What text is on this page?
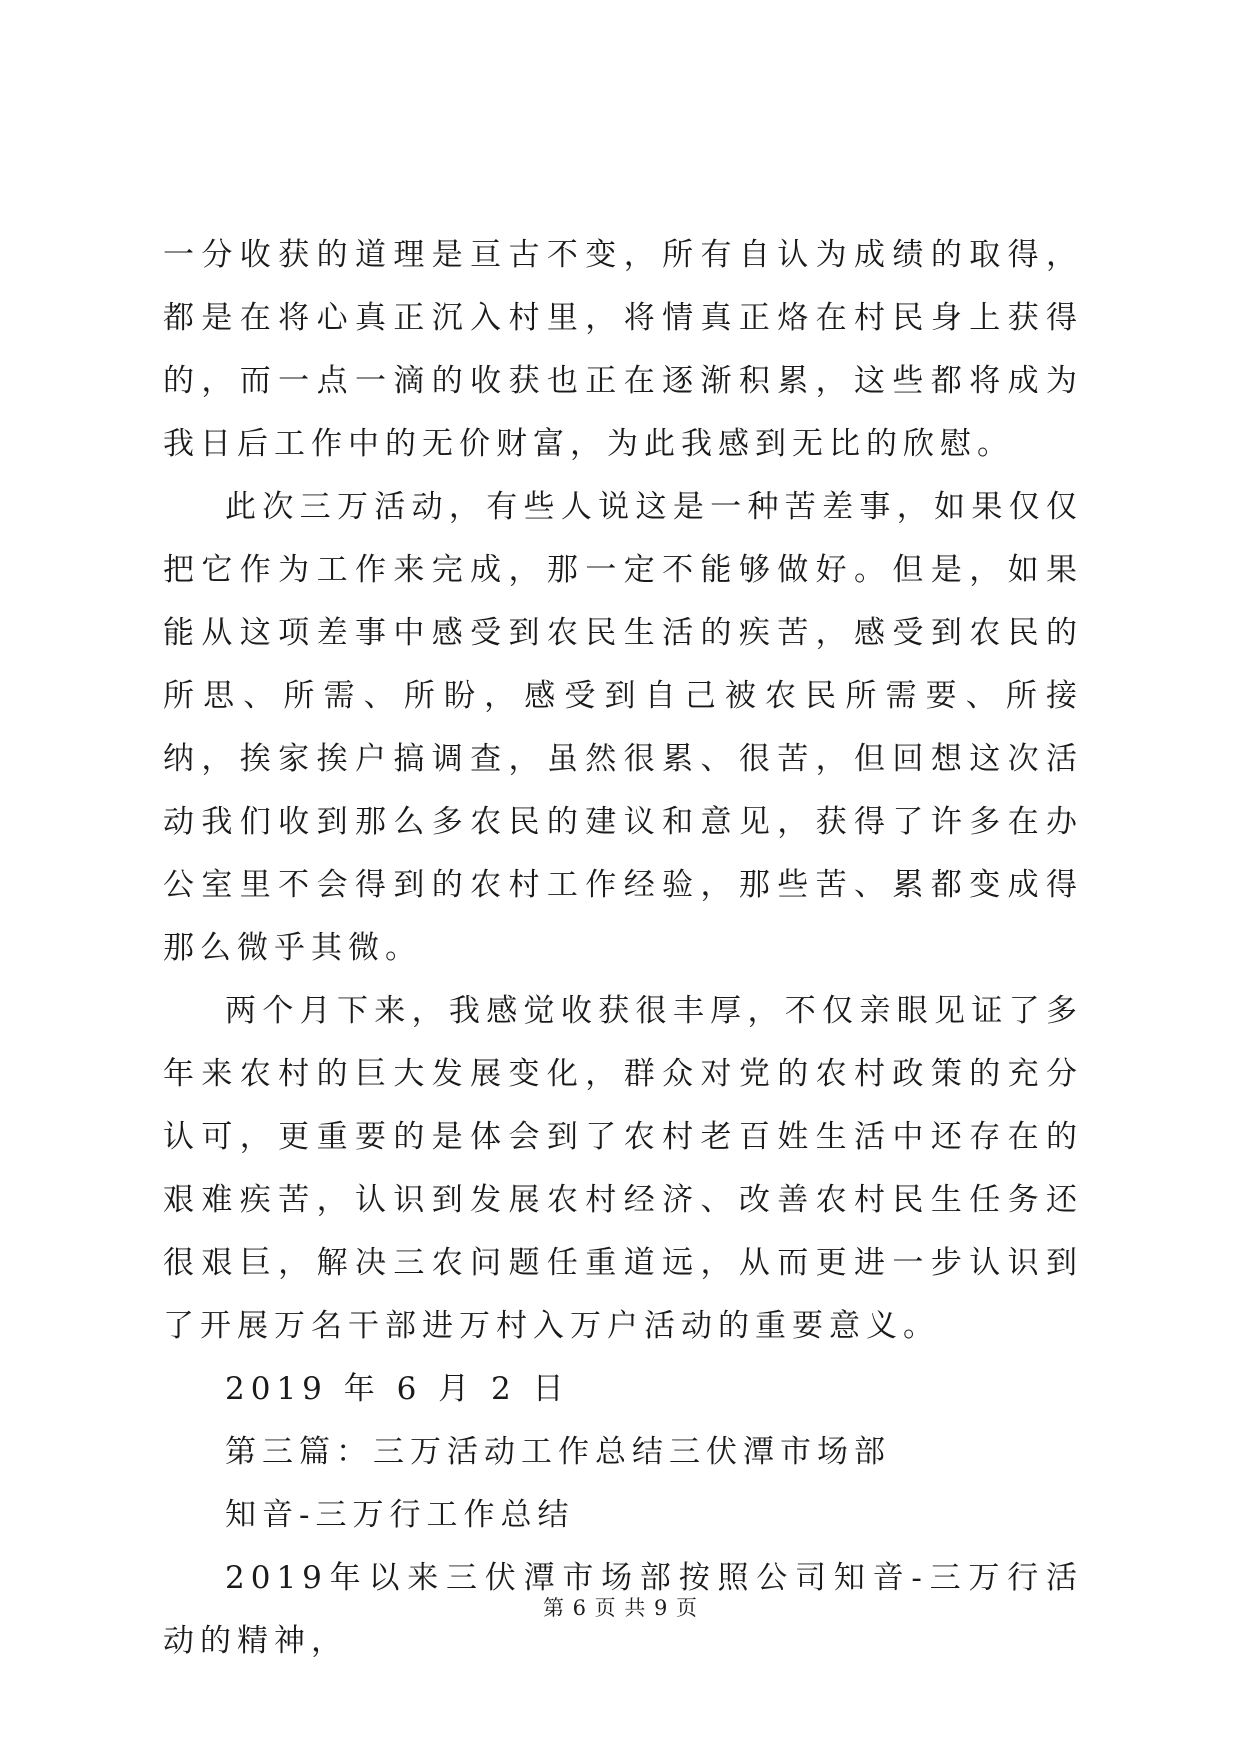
一分收获的道理是亘古不变，所有自认为成绩的取得，都是在将心真正沉入村里，将情真正烙在村民身上获得的，而一点一滴的收获也正在逐渐积累，这些都将成为我日后工作中的无价财富，为此我感到无比的欣慰。

此次三万活动，有些人说这是一种苦差事，如果仅仅把它作为工作来完成，那一定不能够做好。但是，如果能从这项差事中感受到农民生活的疾苦，感受到农民的所思、所需、所盼，感受到自己被农民所需要、所接纳，挨家挨户搞调查，虽然很累、很苦，但回想这次活动我们收到那么多农民的建议和意见，获得了许多在办公室里不会得到的农村工作经验，那些苦、累都变成得那么微乎其微。

两个月下来，我感觉收获很丰厚，不仅亲眼见证了多年来农村的巨大发展变化，群众对党的农村政策的充分认可，更重要的是体会到了农村老百姓生活中还存在的艰难疾苦，认识到发展农村经济、改善农村民生任务还很艰巨，解决三农问题任重道远，从而更进一步认识到了开展万名干部进万村入万户活动的重要意义。

2019 年 6 月 2 日

第三篇：三万活动工作总结三伏潭市场部

知音-三万行工作总结

2019年以来三伏潭市场部按照公司知音-三万行活动的精神，

第 6 页 共 9 页
